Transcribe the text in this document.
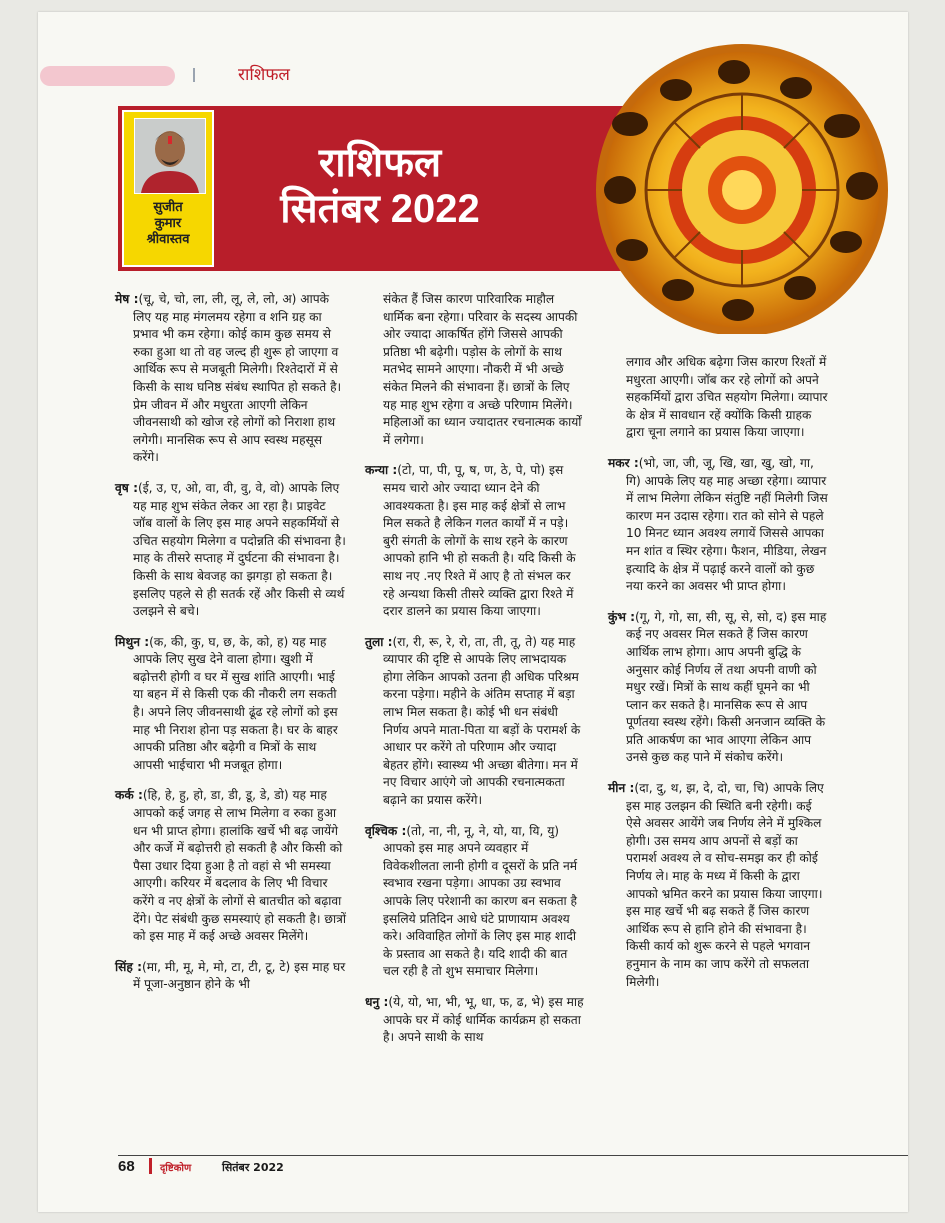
राशिफल
राशिफल
सितंबर 2022
सुजीत
कुमार
श्रीवास्तव

मेष :(चू, चे, चो, ला, ली, लू, ले, लो, अ) आपके लिए यह माह मंगलमय रहेगा व शनि ग्रह का प्रभाव भी कम रहेगा। कोई काम कुछ समय से रुका हुआ था तो वह जल्द ही शुरू हो जाएगा व आर्थिक रूप से मजबूती मिलेगी। रिश्तेदारों में से किसी के साथ घनिष्ठ संबंध स्थापित हो सकते है। प्रेम जीवन में और मधुरता आएगी लेकिन जीवनसाथी को खोज रहे लोगों को निराशा हाथ लगेगी। मानसिक रूप से आप स्वस्थ महसूस करेंगे।

वृष :(ई, उ, ए, ओ, वा, वी, वु, वे, वो) आपके लिए यह माह शुभ संकेत लेकर आ रहा है। प्राइवेट जॉब वालों के लिए इस माह अपने सहकर्मियों से उचित सहयोग मिलेगा व पदोन्नति की संभावना है। माह के तीसरे सप्ताह में दुर्घटना की संभावना है। किसी के साथ बेवजह का झगड़ा हो सकता है। इसलिए पहले से ही सतर्क रहें और किसी से व्यर्थ उलझने से बचे।

मिथुन :(क, की, कु, घ, छ, के, को, ह) यह माह आपके लिए सुख देने वाला होगा। खुशी में बढ़ोत्तरी होगी व घर में सुख शांति आएगी। भाई या बहन में से किसी एक की नौकरी लग सकती है। अपने लिए जीवनसाथी ढूंढ रहे लोगों को इस माह भी निराश होना पड़ सकता है। घर के बाहर आपकी प्रतिष्ठा और बढ़ेगी व मित्रों के साथ आपसी भाईचारा भी मजबूत होगा।

कर्क :(हि, हे, हु, हो, डा, डी, डू, डे, डो) यह माह आपको कई जगह से लाभ मिलेगा व रुका हुआ धन भी प्राप्त होगा। हालांकि खर्चे भी बढ़ जायेंगे और कर्जे में बढ़ोत्तरी हो सकती है और किसी को पैसा उधार दिया हुआ है तो वहां से भी समस्या आएगी। करियर में बदलाव के लिए भी विचार करेंगे व नए क्षेत्रों के लोगों से बातचीत को बढ़ावा देंगे। पेट संबंधी कुछ समस्याएं हो सकती है। छात्रों को इस माह में कई अच्छे अवसर मिलेंगे।

सिंह :(मा, मी, मू, मे, मो, टा, टी, टू, टे) इस माह घर में पूजा-अनुष्ठान होने के भी

संकेत हैं जिस कारण पारिवारिक माहौल धार्मिक बना रहेगा। परिवार के सदस्य आपकी ओर ज्यादा आकर्षित होंगे जिससे आपकी प्रतिष्ठा भी बढ़ेगी। पड़ोस के लोगों के साथ मतभेद सामने आएगा। नौकरी में भी अच्छे संकेत मिलने की संभावना हैं। छात्रों के लिए यह माह शुभ रहेगा व अच्छे परिणाम मिलेंगे। महिलाओं का ध्यान ज्यादातर रचनात्मक कार्यों में लगेगा।

कन्या :(टो, पा, पी, पू, ष, ण, ठे, पे, पो) इस समय चारो ओर ज्यादा ध्यान देने की आवश्यकता है। इस माह कई क्षेत्रों से लाभ मिल सकते है लेकिन गलत कार्यों में न पड़े। बुरी संगती के लोगों के साथ रहने के कारण आपको हानि भी हो सकती है। यदि किसी के साथ नए .नए रिश्ते में आए है तो संभल कर रहे अन्यथा किसी तीसरे व्यक्ति द्वारा रिश्ते में दरार डालने का प्रयास किया जाएगा।

तुला :(रा, री, रू, रे, रो, ता, ती, तू, ते) यह माह व्यापार की दृष्टि से आपके लिए लाभदायक होगा लेकिन आपको उतना ही अधिक परिश्रम करना पड़ेगा। महीने के अंतिम सप्ताह में बड़ा लाभ मिल सकता है। कोई भी धन संबंधी निर्णय अपने माता-पिता या बड़ों के परामर्श के आधार पर करेंगे तो परिणाम और ज्यादा बेहतर होंगे। स्वास्थ्य भी अच्छा बीतेगा। मन में नए विचार आएंगे जो आपकी रचनात्मकता बढ़ाने का प्रयास करेंगे।

वृश्चिक :(तो, ना, नी, नू, ने, यो, या, यि, यु) आपको इस माह अपने व्यवहार में विवेकशीलता लानी होगी व दूसरों के प्रति नर्म स्वभाव रखना पड़ेगा। आपका उग्र स्वभाव आपके लिए परेशानी का कारण बन सकता है इसलिये प्रतिदिन आधे घंटे प्राणायाम अवश्य करे। अविवाहित लोगों के लिए इस माह शादी के प्रस्ताव आ सकते है। यदि शादी की बात चल रही है तो शुभ समाचार मिलेगा।

धनु :(ये, यो, भा, भी, भू, धा, फ, ढ, भे) इस माह आपके घर में कोई धार्मिक कार्यक्रम हो सकता है। अपने साथी के साथ

लगाव और अधिक बढ़ेगा जिस कारण रिश्तों में मधुरता आएगी। जॉब कर रहे लोगों को अपने सहकर्मियों द्वारा उचित सहयोग मिलेगा। व्यापार के क्षेत्र में सावधान रहें क्योंकि किसी ग्राहक द्वारा चूना लगाने का प्रयास किया जाएगा।

मकर :(भो, जा, जी, जू, खि, खा, खु, खो, गा, गि) आपके लिए यह माह अच्छा रहेगा। व्यापार में लाभ मिलेगा लेकिन संतुष्टि नहीं मिलेगी जिस कारण मन उदास रहेगा। रात को सोने से पहले 10 मिनट ध्यान अवश्य लगायें जिससे आपका मन शांत व स्थिर रहेगा। फैशन, मीडिया, लेखन इत्यादि के क्षेत्र में पढ़ाई करने वालों को कुछ नया करने का अवसर भी प्राप्त होगा।

कुंभ :(गू, गे, गो, सा, सी, सू, से, सो, द) इस माह कई नए अवसर मिल सकते हैं जिस कारण आर्थिक लाभ होगा। आप अपनी बुद्धि के अनुसार कोई निर्णय लें तथा अपनी वाणी को मधुर रखें। मित्रों के साथ कहीं घूमने का भी प्लान कर सकते है। मानसिक रूप से आप पूर्णतया स्वस्थ रहेंगे। किसी अनजान व्यक्ति के प्रति आकर्षण का भाव आएगा लेकिन आप उनसे कुछ कह पाने में संकोच करेंगे।

मीन :(दा, दु, थ, झ, दे, दो, चा, चि) आपके लिए इस माह उलझन की स्थिति बनी रहेगी। कई ऐसे अवसर आयेंगे जब निर्णय लेने में मुश्किल होगी। उस समय आप अपनों से बड़ों का परामर्श अवश्य ले व सोच-समझ कर ही कोई निर्णय ले। माह के मध्य में किसी के द्वारा आपको भ्रमित करने का प्रयास किया जाएगा। इस माह खर्चे भी बढ़ सकते हैं जिस कारण आर्थिक रूप से हानि होने की संभावना है। किसी कार्य को शुरू करने से पहले भगवान हनुमान के नाम का जाप करेंगे तो सफलता मिलेगी।

68	दृष्टिकोण	सितंबर 2022
